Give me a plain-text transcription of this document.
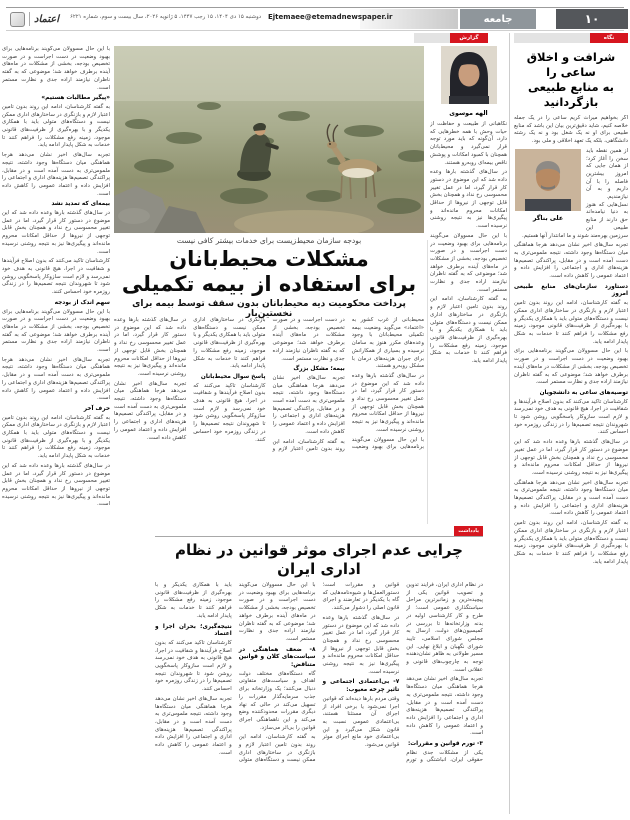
۱۰
جامعه
Ejtemaee@etemadnewspaper.ir
دوشنبه ۱۵ دی ۱۴۰۴، ۱۵ رجب ۱۴۴۷، ۵ ژانویه ۲۰۲۶، سال بیست و سوم، شماره ۶۲۲۱
اعتماد
نگاه
گزارش
با این حال مسوولان می‌گویند برنامه‌هایی برای بهبود وضعیت در دست اجراست و در صورت تخصیص بودجه، بخشی از مشکلات در ماه‌های آینده برطرف خواهد شد؛ موضوعی که به گفته ناظران نیازمند اراده جدی و نظارت مستمر است.
«پیگیر مطالبات هستیم»
به گفته کارشناسان، ادامه این روند بدون تامین اعتبار لازم و بازنگری در ساختارهای اداری ممکن نیست و دستگاه‌های متولی باید با همکاری یکدیگر و با بهره‌گیری از ظرفیت‌های قانونی موجود، زمینه رفع مشکلات را فراهم کنند تا خدمات به شکل پایدار ادامه یابد.
تجربه سال‌های اخیر نشان می‌دهد هرجا هماهنگی میان دستگاه‌ها وجود داشته، نتیجه ملموس‌تری به دست آمده است و در مقابل، پراکندگی تصمیم‌ها هزینه‌های اداری و اجتماعی را افزایش داده و اعتماد عمومی را کاهش داده است.
بیمه‌ای که تمدید نشد
در سال‌های گذشته بارها وعده داده شد که این موضوع در دستور کار قرار گیرد، اما در عمل تغییر محسوسی رخ نداد و همچنان بخش قابل توجهی از نیروها از حداقل امکانات محروم مانده‌اند و پیگیری‌ها نیز به نتیجه روشنی نرسیده است.
کارشناسان تاکید می‌کنند که بدون اصلاح فرآیندها و شفافیت در اجرا، هیچ قانونی به هدف خود نمی‌رسد و لازم است سازوکار پاسخگویی روشن شود تا شهروندان نتیجه تصمیم‌ها را در زندگی روزمره خود احساس کنند.
سهم اندک از بودجه
با این حال مسوولان می‌گویند برنامه‌هایی برای بهبود وضعیت در دست اجراست و در صورت تخصیص بودجه، بخشی از مشکلات در ماه‌های آینده برطرف خواهد شد؛ موضوعی که به گفته ناظران نیازمند اراده جدی و نظارت مستمر است.
تجربه سال‌های اخیر نشان می‌دهد هرجا هماهنگی میان دستگاه‌ها وجود داشته، نتیجه ملموس‌تری به دست آمده است و در مقابل، پراکندگی تصمیم‌ها هزینه‌های اداری و اجتماعی را افزایش داده و اعتماد عمومی را کاهش داده است.
حرف آخر
به گفته کارشناسان، ادامه این روند بدون تامین اعتبار لازم و بازنگری در ساختارهای اداری ممکن نیست و دستگاه‌های متولی باید با همکاری یکدیگر و با بهره‌گیری از ظرفیت‌های قانونی موجود، زمینه رفع مشکلات را فراهم کنند تا خدمات به شکل پایدار ادامه یابد.
در سال‌های گذشته بارها وعده داده شد که این موضوع در دستور کار قرار گیرد، اما در عمل تغییر محسوسی رخ نداد و همچنان بخش قابل توجهی از نیروها از حداقل امکانات محروم مانده‌اند و پیگیری‌ها نیز به نتیجه روشنی نرسیده است.
بودجه سازمان محیط‌زیست برای خدمات بیشتر کافی نیست
مشکلات محیط‌بانان
برای استفاده از بیمه تکمیلی
پرداخت محکومیت دیه محیط‌بانان بدون سقف توسط بیمه برای نخستین‌بار
محیط‌بانی از غرب کشور به «اعتماد» می‌گوید وضعیت بیمه تکمیلی محیط‌بانان با وجود وعده‌های مکرر هنوز به سامان نرسیده و بسیاری از همکارانش برای جبران هزینه‌های درمان با مشکل روبه‌رو هستند.
در سال‌های گذشته بارها وعده داده شد که این موضوع در دستور کار قرار گیرد، اما در عمل تغییر محسوسی رخ نداد و همچنان بخش قابل توجهی از نیروها از حداقل امکانات محروم مانده‌اند و پیگیری‌ها نیز به نتیجه روشنی نرسیده است.
با این حال مسوولان می‌گویند برنامه‌هایی برای بهبود وضعیت در دست اجراست و در صورت تخصیص بودجه، بخشی از مشکلات در ماه‌های آینده برطرف خواهد شد؛ موضوعی که به گفته ناظران نیازمند اراده جدی و نظارت مستمر است.
بیمه؛ مشکل بزرگ
تجربه سال‌های اخیر نشان می‌دهد هرجا هماهنگی میان دستگاه‌ها وجود داشته، نتیجه ملموس‌تری به دست آمده است و در مقابل، پراکندگی تصمیم‌ها هزینه‌های اداری و اجتماعی را افزایش داده و اعتماد عمومی را کاهش داده است.
به گفته کارشناسان، ادامه این روند بدون تامین اعتبار لازم و بازنگری در ساختارهای اداری ممکن نیست و دستگاه‌های متولی باید با همکاری یکدیگر و با بهره‌گیری از ظرفیت‌های قانونی موجود، زمینه رفع مشکلات را فراهم کنند تا خدمات به شکل پایدار ادامه یابد.
پاسخ سوال محیط‌بانان
کارشناسان تاکید می‌کنند که بدون اصلاح فرآیندها و شفافیت در اجرا، هیچ قانونی به هدف خود نمی‌رسد و لازم است سازوکار پاسخگویی روشن شود تا شهروندان نتیجه تصمیم‌ها را در زندگی روزمره خود احساس کنند.
در سال‌های گذشته بارها وعده داده شد که این موضوع در دستور کار قرار گیرد، اما در عمل تغییر محسوسی رخ نداد و همچنان بخش قابل توجهی از نیروها از حداقل امکانات محروم مانده‌اند و پیگیری‌ها نیز به نتیجه روشنی نرسیده است.
تجربه سال‌های اخیر نشان می‌دهد هرجا هماهنگی میان دستگاه‌ها وجود داشته، نتیجه ملموس‌تری به دست آمده است و در مقابل، پراکندگی تصمیم‌ها هزینه‌های اداری و اجتماعی را افزایش داده و اعتماد عمومی را کاهش داده است.
الهه موسوی
نگاهبانی از طبیعت و حفاظت از حیات وحش با همه خطرهایی که دارد، آن‌گونه که باید مورد توجه قرار نمی‌گیرد و محیط‌بانان همچنان با کمبود امکانات و پوشش ناقص بیمه‌ای روبه‌رو هستند.
در سال‌های گذشته بارها وعده داده شد که این موضوع در دستور کار قرار گیرد، اما در عمل تغییر محسوسی رخ نداد و همچنان بخش قابل توجهی از نیروها از حداقل امکانات محروم مانده‌اند و پیگیری‌ها نیز به نتیجه روشنی نرسیده است.
با این حال مسوولان می‌گویند برنامه‌هایی برای بهبود وضعیت در دست اجراست و در صورت تخصیص بودجه، بخشی از مشکلات در ماه‌های آینده برطرف خواهد شد؛ موضوعی که به گفته ناظران نیازمند اراده جدی و نظارت مستمر است.
به گفته کارشناسان، ادامه این روند بدون تامین اعتبار لازم و بازنگری در ساختارهای اداری ممکن نیست و دستگاه‌های متولی باید با همکاری یکدیگر و با بهره‌گیری از ظرفیت‌های قانونی موجود، زمینه رفع مشکلات را فراهم کنند تا خدمات به شکل پایدار ادامه یابد.
شرافت و اخلاق ساعی را
به منابع طبیعی بازگردانید
اگر بخواهیم میراث کریم ساعی را در یک جمله خلاصه کنیم، شاید دقیق‌ترین بیان این باشد که منابع طبیعی برای او نه یک شغل بود و نه یک رشته دانشگاهی، بلکه یک تعهد اخلاقی و ملی بود.
علی بناگر
از همین نقطه باید سخن را آغاز کرد؛ از همان جایی که امروز بیشترین فاصله را با آن داریم و به آن نیازمندیم. نسل‌هایی که هنوز به دنیا نیامده‌اند حق دارند از منابع طبیعی این سرزمین بهره‌مند شوند و ما امانتدار آنها هستیم.
تجربه سال‌های اخیر نشان می‌دهد هرجا هماهنگی میان دستگاه‌ها وجود داشته، نتیجه ملموس‌تری به دست آمده است و در مقابل، پراکندگی تصمیم‌ها هزینه‌های اداری و اجتماعی را افزایش داده و اعتماد عمومی را کاهش داده است.
دستاورد سازمان‌های منابع طبیعی امروز
به گفته کارشناسان، ادامه این روند بدون تامین اعتبار لازم و بازنگری در ساختارهای اداری ممکن نیست و دستگاه‌های متولی باید با همکاری یکدیگر و با بهره‌گیری از ظرفیت‌های قانونی موجود، زمینه رفع مشکلات را فراهم کنند تا خدمات به شکل پایدار ادامه یابد.
با این حال مسوولان می‌گویند برنامه‌هایی برای بهبود وضعیت در دست اجراست و در صورت تخصیص بودجه، بخشی از مشکلات در ماه‌های آینده برطرف خواهد شد؛ موضوعی که به گفته ناظران نیازمند اراده جدی و نظارت مستمر است.
توصیه‌های ساعی به دانشجویان
کارشناسان تاکید می‌کنند که بدون اصلاح فرآیندها و شفافیت در اجرا، هیچ قانونی به هدف خود نمی‌رسد و لازم است سازوکار پاسخگویی روشن شود تا شهروندان نتیجه تصمیم‌ها را در زندگی روزمره خود احساس کنند.
در سال‌های گذشته بارها وعده داده شد که این موضوع در دستور کار قرار گیرد، اما در عمل تغییر محسوسی رخ نداد و همچنان بخش قابل توجهی از نیروها از حداقل امکانات محروم مانده‌اند و پیگیری‌ها نیز به نتیجه روشنی نرسیده است.
تجربه سال‌های اخیر نشان می‌دهد هرجا هماهنگی میان دستگاه‌ها وجود داشته، نتیجه ملموس‌تری به دست آمده است و در مقابل، پراکندگی تصمیم‌ها هزینه‌های اداری و اجتماعی را افزایش داده و اعتماد عمومی را کاهش داده است.
به گفته کارشناسان، ادامه این روند بدون تامین اعتبار لازم و بازنگری در ساختارهای اداری ممکن نیست و دستگاه‌های متولی باید با همکاری یکدیگر و با بهره‌گیری از ظرفیت‌های قانونی موجود، زمینه رفع مشکلات را فراهم کنند تا خدمات به شکل پایدار ادامه یابد.
یادداشت
چرایی عدم اجرای موثر قوانین در نظام اداری ایران
در نظام اداری ایران، فرآیند تدوین و تصویب قوانین یکی از پیچیده‌ترین و زمانبرترین مراحل سیاستگذاری عمومی است؛ از طرح و کار کارشناسی اولیه در بدنه وزارتخانه‌ها تا بررسی در کمیسیون‌های دولت، ارسال به مجلس شورای اسلامی، تایید شورای نگهبان و ابلاغ نهایی. این مسیر طولانی به ظاهر نشان‌دهنده توجه به چارچوب‌های قانونی و عقلانی است.
تجربه سال‌های اخیر نشان می‌دهد هرجا هماهنگی میان دستگاه‌ها وجود داشته، نتیجه ملموس‌تری به دست آمده است و در مقابل، پراکندگی تصمیم‌ها هزینه‌های اداری و اجتماعی را افزایش داده و اعتماد عمومی را کاهش داده است.
۳- تورم قوانین و مقررات:
یکی از مشکلات جدی نظام حقوقی ایران، انباشتگی و تورم قوانین و مقررات است؛ دستورالعمل‌ها و شیوه‌نامه‌هایی که گاه با یکدیگر در تعارضند و اجرای قانون اصلی را دشوار می‌کنند.
در سال‌های گذشته بارها وعده داده شد که این موضوع در دستور کار قرار گیرد، اما در عمل تغییر محسوسی رخ نداد و همچنان بخش قابل توجهی از نیروها از حداقل امکانات محروم مانده‌اند و پیگیری‌ها نیز به نتیجه روشنی نرسیده است.
۷- بی‌اعتمادی اجتماعی و تاثیر چرخه معیوب:
وقتی مردم بارها دیده‌اند که قوانین اجرا نمی‌شود یا برخی افراد از اجرای آن مستثنا هستند، بی‌اعتمادی عمومی نسبت به قانون شکل می‌گیرد و این بی‌اعتمادی خود مانع اجرای موثر قوانین می‌شود.
با این حال مسوولان می‌گویند برنامه‌هایی برای بهبود وضعیت در دست اجراست و در صورت تخصیص بودجه، بخشی از مشکلات در ماه‌های آینده برطرف خواهد شد؛ موضوعی که به گفته ناظران نیازمند اراده جدی و نظارت مستمر است.
۸- ضعف هماهنگی در سیاست‌های کلان و قوانین متناقض:
گاه دستگاه‌های مختلف دولت اهداف و سیاست‌های متفاوتی دنبال می‌کنند؛ یک وزارتخانه برای جذب سرمایه‌گذار مقررات را تسهیل می‌کند در حالی که نهاد دیگری مقررات محدودکننده وضع می‌کند و این ناهماهنگی اجرای قوانین را بی‌اثر می‌سازد.
به گفته کارشناسان، ادامه این روند بدون تامین اعتبار لازم و بازنگری در ساختارهای اداری ممکن نیست و دستگاه‌های متولی باید با همکاری یکدیگر و با بهره‌گیری از ظرفیت‌های قانونی موجود، زمینه رفع مشکلات را فراهم کنند تا خدمات به شکل پایدار ادامه یابد.
نتیجه‌گیری؛ بحران اجرا و اعتماد
کارشناسان تاکید می‌کنند که بدون اصلاح فرآیندها و شفافیت در اجرا، هیچ قانونی به هدف خود نمی‌رسد و لازم است سازوکار پاسخگویی روشن شود تا شهروندان نتیجه تصمیم‌ها را در زندگی روزمره خود احساس کنند.
تجربه سال‌های اخیر نشان می‌دهد هرجا هماهنگی میان دستگاه‌ها وجود داشته، نتیجه ملموس‌تری به دست آمده است و در مقابل، پراکندگی تصمیم‌ها هزینه‌های اداری و اجتماعی را افزایش داده و اعتماد عمومی را کاهش داده است.
